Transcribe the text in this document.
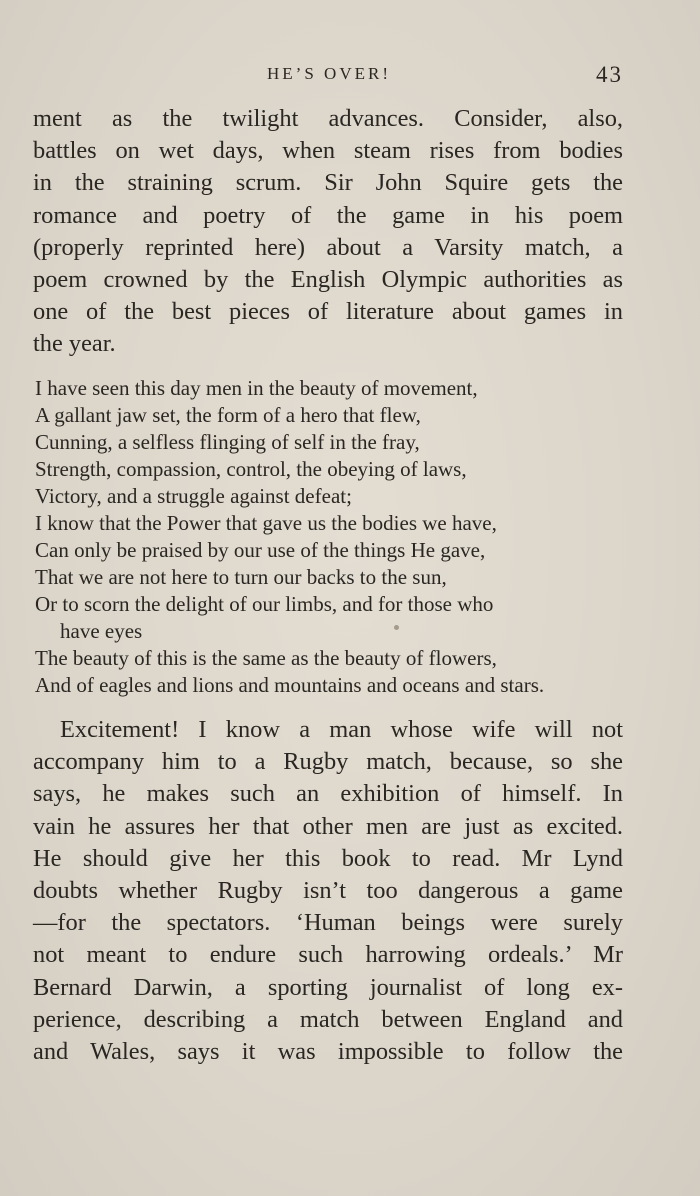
HE’S OVER!	43
ment as the twilight advances. Consider, also,
battles on wet days, when steam rises from bodies
in the straining scrum. Sir John Squire gets the
romance and poetry of the game in his poem
(properly reprinted here) about a Varsity match, a
poem crowned by the English Olympic authorities as
one of the best pieces of literature about games in
the year.
I have seen this day men in the beauty of movement,
A gallant jaw set, the form of a hero that flew,
Cunning, a selfless flinging of self in the fray,
Strength, compassion, control, the obeying of laws,
Victory, and a struggle against defeat;
I know that the Power that gave us the bodies we have,
Can only be praised by our use of the things He gave,
That we are not here to turn our backs to the sun,
Or to scorn the delight of our limbs, and for those who
have eyes
The beauty of this is the same as the beauty of flowers,
And of eagles and lions and mountains and oceans and stars.
Excitement! I know a man whose wife will not
accompany him to a Rugby match, because, so she
says, he makes such an exhibition of himself. In
vain he assures her that other men are just as excited.
He should give her this book to read. Mr Lynd
doubts whether Rugby isn’t too dangerous a game
—for the spectators. ‘Human beings were surely
not meant to endure such harrowing ordeals.’ Mr
Bernard Darwin, a sporting journalist of long ex-
perience, describing a match between England and
and Wales, says it was impossible to follow the
